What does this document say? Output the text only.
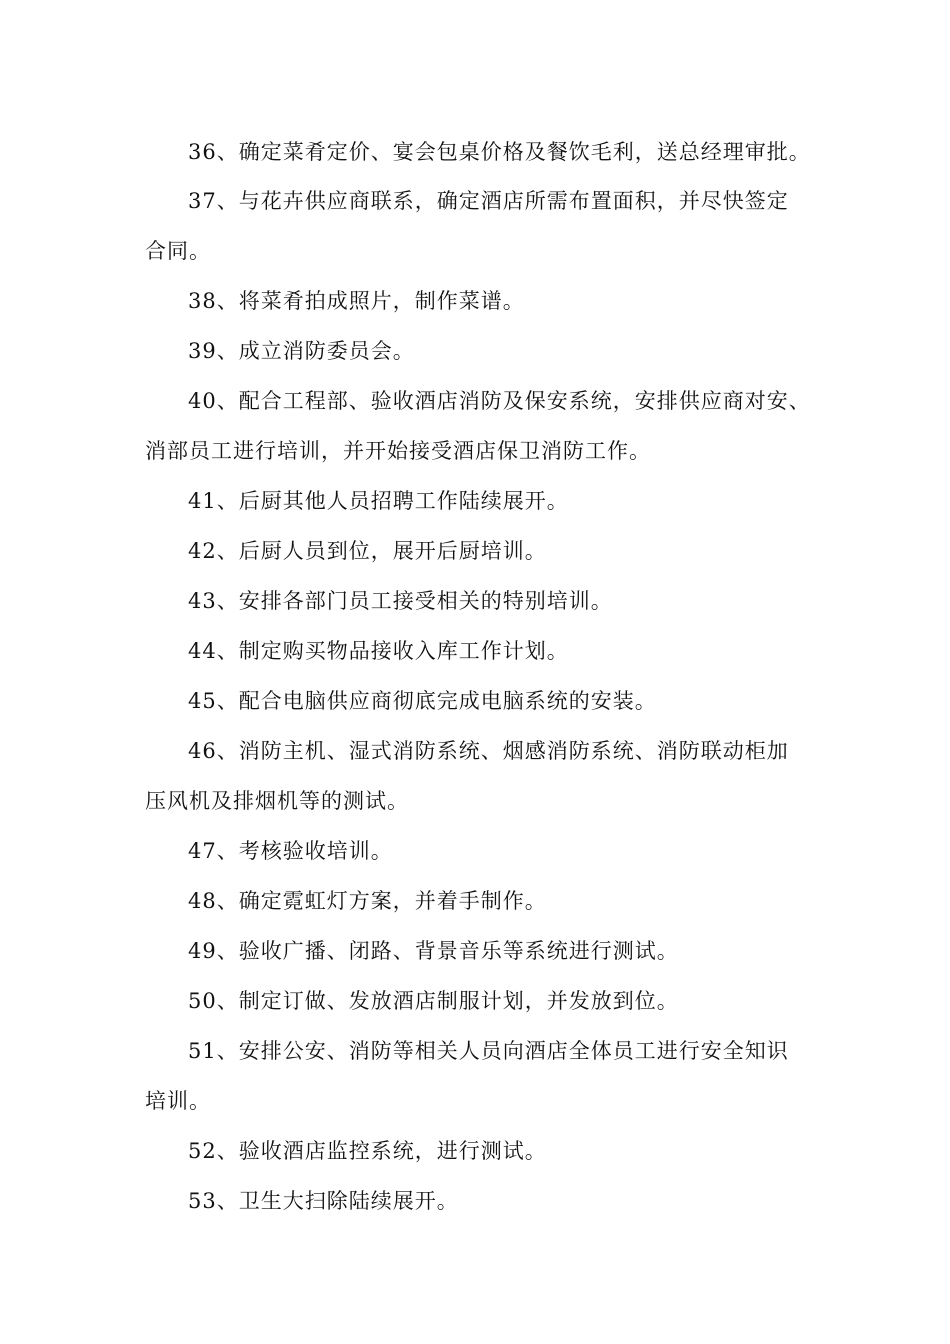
36、确定菜肴定价、宴会包桌价格及餐饮毛利，送总经理审批。
37、与花卉供应商联系，确定酒店所需布置面积，并尽快签定
合同。
38、将菜肴拍成照片，制作菜谱。
39、成立消防委员会。
40、配合工程部、验收酒店消防及保安系统，安排供应商对安、
消部员工进行培训，并开始接受酒店保卫消防工作。
41、后厨其他人员招聘工作陆续展开。
42、后厨人员到位，展开后厨培训。
43、安排各部门员工接受相关的特别培训。
44、制定购买物品接收入库工作计划。
45、配合电脑供应商彻底完成电脑系统的安装。
46、消防主机、湿式消防系统、烟感消防系统、消防联动柜加
压风机及排烟机等的测试。
47、考核验收培训。
48、确定霓虹灯方案，并着手制作。
49、验收广播、闭路、背景音乐等系统进行测试。
50、制定订做、发放酒店制服计划，并发放到位。
51、安排公安、消防等相关人员向酒店全体员工进行安全知识
培训。
52、验收酒店监控系统，进行测试。
53、卫生大扫除陆续展开。
